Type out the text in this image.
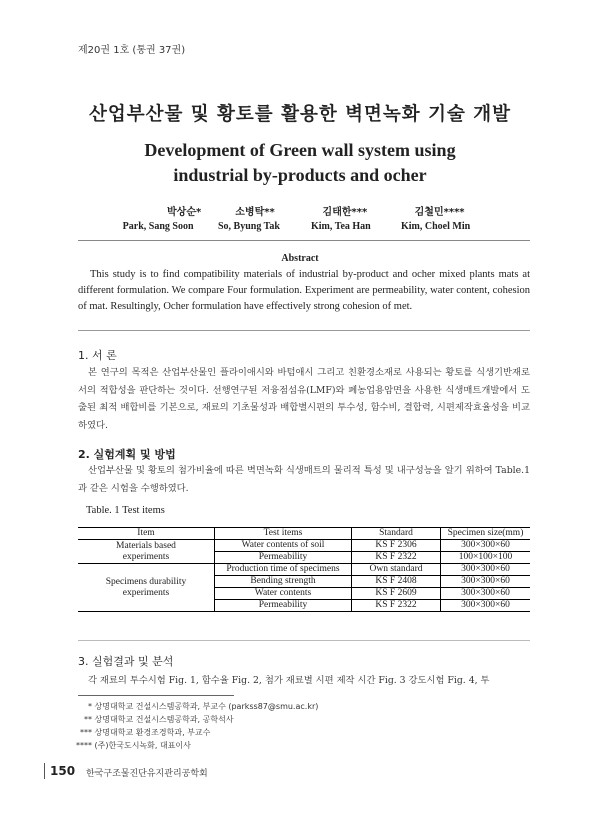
제20권 1호 (통권 37권)
산업부산물 및 황토를 활용한 벽면녹화 기술 개발
Development of Green wall system using
industrial by-products and ocher
박상순*
Park, Sang Soon
소병탁**
So, Byung Tak
김태한***
Kim, Tea Han
김철민****
Kim, Choel Min
Abstract
This study is to find compatibility materials of industrial by-product and ocher mixed plants mats at different formulation. We compare Four formulation. Experiment are permeability, water content, cohesion of mat. Resultingly, Ocher formulation have effectively strong cohesion of met.
1. 서 론
본 연구의 목적은 산업부산물인 플라이애시와 바텀애시 그리고 친환경소재로 사용되는 황토를 식생기반재로서의 적합성을 판단하는 것이다. 선행연구된 저융점섬유(LMF)와 폐농업용암면을 사용한 식생매트개발에서 도출된 최적 배합비를 기본으로, 재료의 기초물성과 배합별시편의 투수성, 함수비, 결합력, 시편제작효율성을 비교하였다.
2. 실험계획 및 방법
산업부산물 및 황토의 첨가비율에 따른 벽면녹화 식생매트의 물리적 특성 및 내구성능을 알기 위하여 Table.1 과 같은 시험을 수행하였다.
Table. 1 Test items
Item	Test items	Standard	Specimen size(mm)

Materials based
experiments	Water contents of soil	KS F 2306	300×300×60
	Permeability	KS F 2322	100×100×100

Specimens durability
experiments	Production time of specimens	Own standard	300×300×60
	Bending strength	KS F 2408	300×300×60
	Water contents	KS F 2609	300×300×60
	Permeability	KS F 2322	300×300×60
3. 실험결과 및 분석
각 재료의 투수시험 Fig. 1, 함수율 Fig. 2, 첨가 재료별 시편 제작 시간 Fig. 3 강도시험 Fig. 4, 투
* 상명대학교 건설시스템공학과, 부교수 (parkss87@smu.ac.kr)
** 상명대학교 건설시스템공학과, 공학석사
*** 상명대학교 환경조경학과, 부교수
**** (주)한국도시녹화, 대표이사
150 한국구조물진단유지관리공학회
